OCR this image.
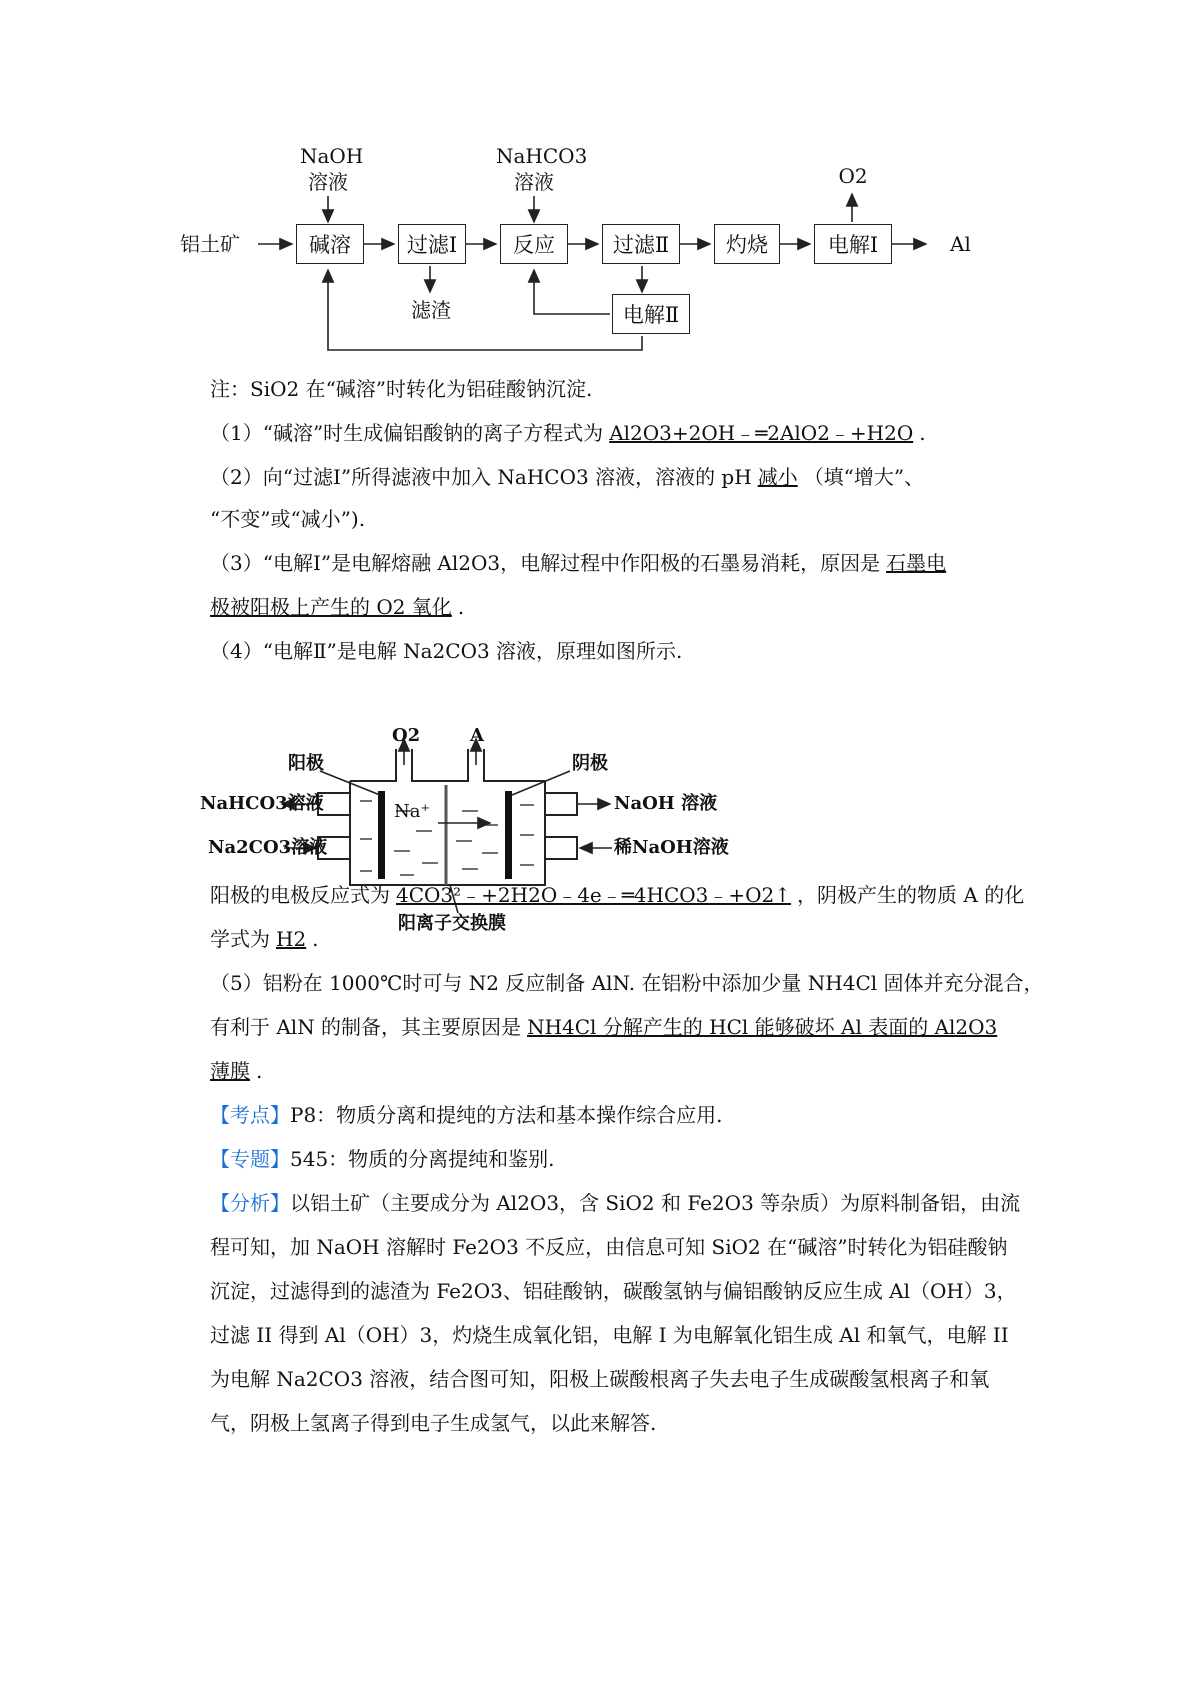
铝土矿	Al
NaOH
溶液
NaHCO3
溶液	O2
滤渣
碱溶	过滤Ⅰ	反应	过滤Ⅱ	灼烧	电解Ⅰ
电解Ⅱ
注：SiO2 在“碱溶”时转化为铝硅酸钠沉淀.
（1）“碱溶”时生成偏铝酸钠的离子方程式为 Al2O3+2OH﹣═2AlO2﹣+H2O .
（2）向“过滤Ⅰ”所得滤液中加入 NaHCO3 溶液，溶液的 pH 减小 （填“增大”、
“不变”或“减小”).
（3）“电解Ⅰ”是电解熔融 Al2O3，电解过程中作阳极的石墨易消耗，原因是 石墨电
极被阳极上产生的 O2 氧化 .
（4）“电解Ⅱ”是电解 Na2CO3 溶液，原理如图所示.
O2	A
阳极	阴极
NaHCO3溶液
Na2CO3溶液
NaOH 溶液
稀NaOH溶液
Na⁺
阳离子交换膜
阳极的电极反应式为 4CO3²﹣+2H2O﹣4e﹣═4HCO3﹣+O2↑ ，阴极产生的物质 A 的化
学式为 H2 .
（5）铝粉在 1000℃时可与 N2 反应制备 AlN. 在铝粉中添加少量 NH4Cl 固体并充分混合，
有利于 AlN 的制备，其主要原因是 NH4Cl 分解产生的 HCl 能够破坏 Al 表面的 Al2O3
薄膜 .
【考点】P8：物质分离和提纯的方法和基本操作综合应用.
【专题】545：物质的分离提纯和鉴别.
【分析】以铝土矿（主要成分为 Al2O3，含 SiO2 和 Fe2O3 等杂质）为原料制备铝，由流
程可知，加 NaOH 溶解时 Fe2O3 不反应，由信息可知 SiO2 在“碱溶”时转化为铝硅酸钠
沉淀，过滤得到的滤渣为 Fe2O3、铝硅酸钠，碳酸氢钠与偏铝酸钠反应生成 Al（OH）3，
过滤 II 得到 Al（OH）3，灼烧生成氧化铝，电解 I 为电解氧化铝生成 Al 和氧气，电解 II
为电解 Na2CO3 溶液，结合图可知，阳极上碳酸根离子失去电子生成碳酸氢根离子和氧
气，阴极上氢离子得到电子生成氢气，以此来解答.
